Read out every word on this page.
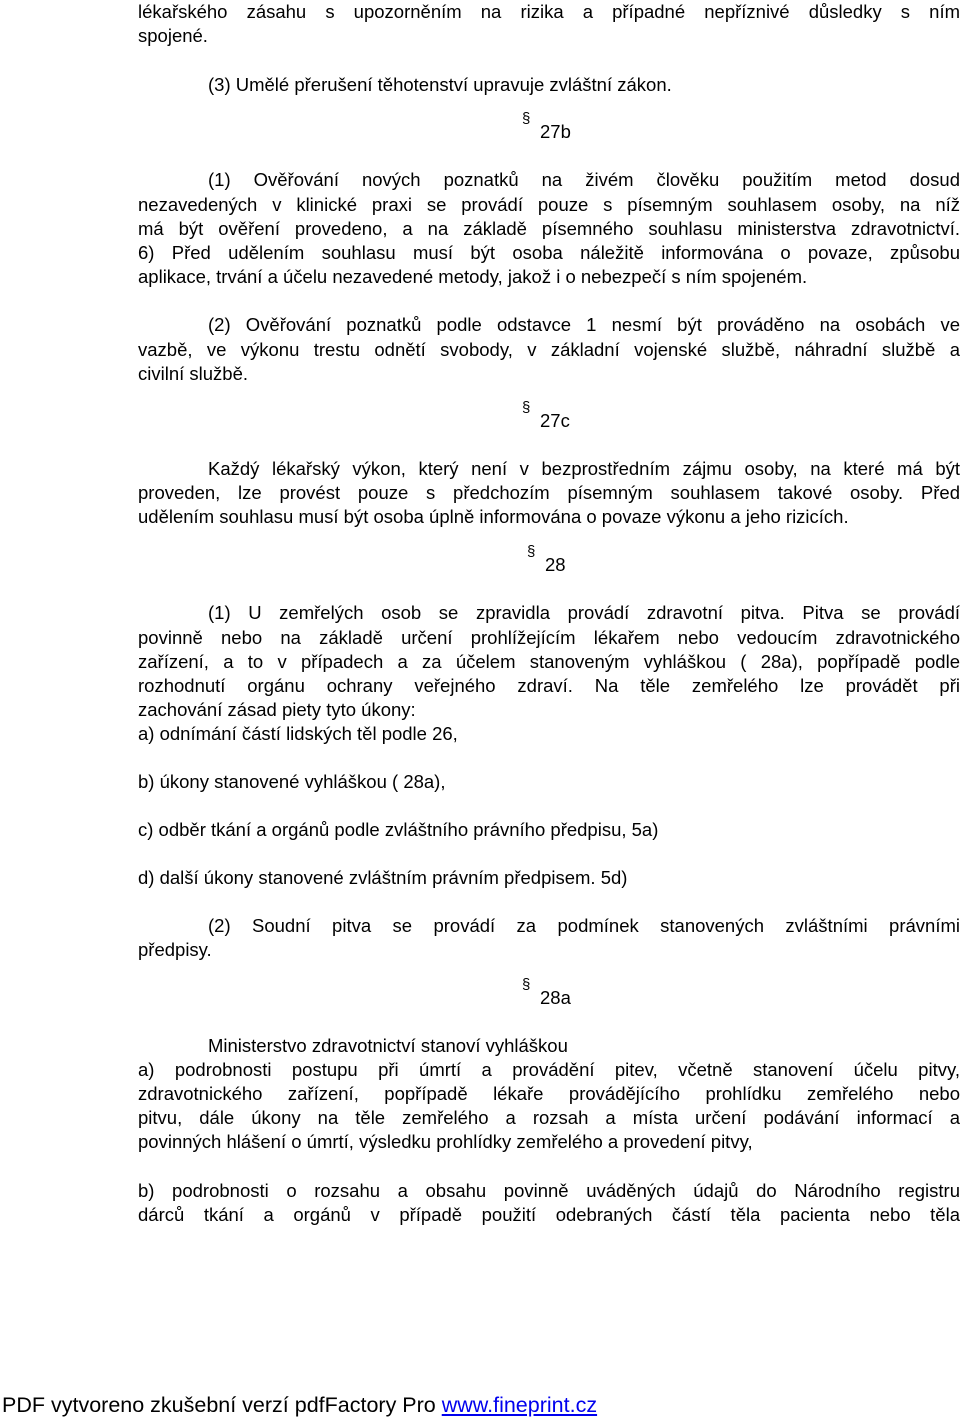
lékařského zásahu s upozorněním na rizika a případné nepříznivé důsledky s ním
spojené.
(3) Umělé přerušení těhotenství upravuje zvláštní zákon.
(1) Ověřování nových poznatků na živém člověku použitím metod dosud
nezavedených v klinické praxi se provádí pouze s písemným souhlasem osoby, na níž
má být ověření provedeno, a na základě písemného souhlasu ministerstva zdravotnictví.
6) Před udělením souhlasu musí být osoba náležitě informována o povaze, způsobu
aplikace, trvání a účelu nezavedené metody, jakož i o nebezpečí s ním spojeném.
(2) Ověřování poznatků podle odstavce 1 nesmí být prováděno na osobách ve
vazbě, ve výkonu trestu odnětí svobody, v základní vojenské službě, náhradní službě a
civilní službě.
Každý lékařský výkon, který není v bezprostředním zájmu osoby, na které má být
proveden, lze provést pouze s předchozím písemným souhlasem takové osoby. Před
udělením souhlasu musí být osoba úplně informována o povaze výkonu a jeho rizicích.
(1) U zemřelých osob se zpravidla provádí zdravotní pitva. Pitva se provádí
povinně nebo na základě určení prohlížejícím lékařem nebo vedoucím zdravotnického
zařízení, a to v případech a za účelem stanoveným vyhláškou ( 28a), popřípadě podle
rozhodnutí orgánu ochrany veřejného zdraví. Na těle zemřelého lze provádět při
zachování zásad piety tyto úkony:
a) odnímání částí lidských těl podle 26,
b) úkony stanovené vyhláškou ( 28a),
c) odběr tkání a orgánů podle zvláštního právního předpisu, 5a)
d) další úkony stanovené zvláštním právním předpisem. 5d)
(2) Soudní pitva se provádí za podmínek stanovených zvláštními právními
předpisy.
Ministerstvo zdravotnictví stanoví vyhláškou
a) podrobnosti postupu při úmrtí a provádění pitev, včetně stanovení účelu pitvy,
zdravotnického zařízení, popřípadě lékaře provádějícího prohlídku zemřelého nebo
pitvu, dále úkony na těle zemřelého a rozsah a místa určení podávání informací a
povinných hlášení o úmrtí, výsledku prohlídky zemřelého a provedení pitvy,
b) podrobnosti o rozsahu a obsahu povinně uváděných údajů do Národního registru
dárců tkání a orgánů v případě použití odebraných částí těla pacienta nebo těla
§
27b
§
27c
§
28
§
28a
PDF vytvoreno zkušební verzí pdfFactory Pro www.fineprint.cz
